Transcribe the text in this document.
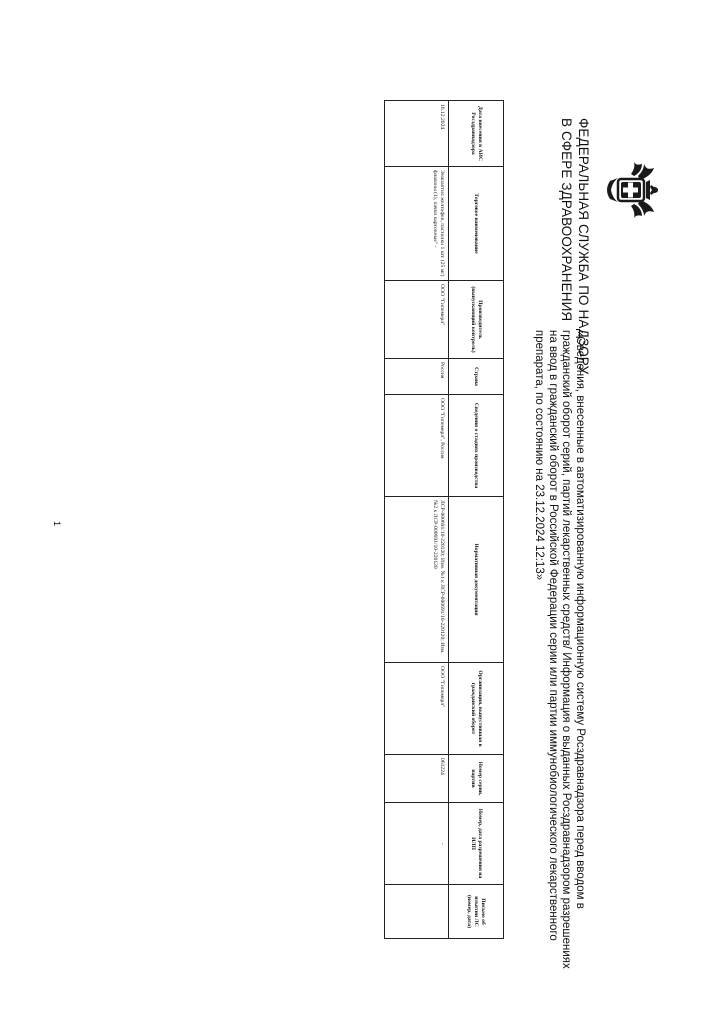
ФЕДЕРАЛЬНАЯ СЛУЖБА ПО НАДЗОРУ
В СФЕРЕ ЗДРАВООХРАНЕНИЯ
«Сведения, внесенные в автоматизированную информационную систему Росздравнадзора перед вводом в
гражданский оборот серий, партий лекарственных средств/ Информация о выданных Росздравнадзором разрешениях
на ввод в гражданский оборот в Российской Федерации серии или партии иммунобиологического лекарственного
препарата, по состоянию на 23.12.2024 12:13»
Дата внесения в АИС Росздравнадзора	Торговое наименование	Производитель (выпускающий контроль)	Страна	Сведения о стадиях производства	Нормативная документация	Организация, выпустившая в гражданский оборот	Номер серии, партии	Номер, дата разрешения на ИЛП	Письмо об изъятии ЛС (номер, дата)
16.12.2024	Энапаптил желтофен, пастилки 1 шт. (25 мг) флаконы (1), пачки картонные" -	ООО "Гипомерл"	Россия	ООО "Гипомерл", Россия	ЛСР-000691/10-220120; Изм. №1 к ЛСР-000691/10-220120; Изм. №2 к ЛСР-000691/10-220120	ООО "Гипомерл"	061224	-	
1
